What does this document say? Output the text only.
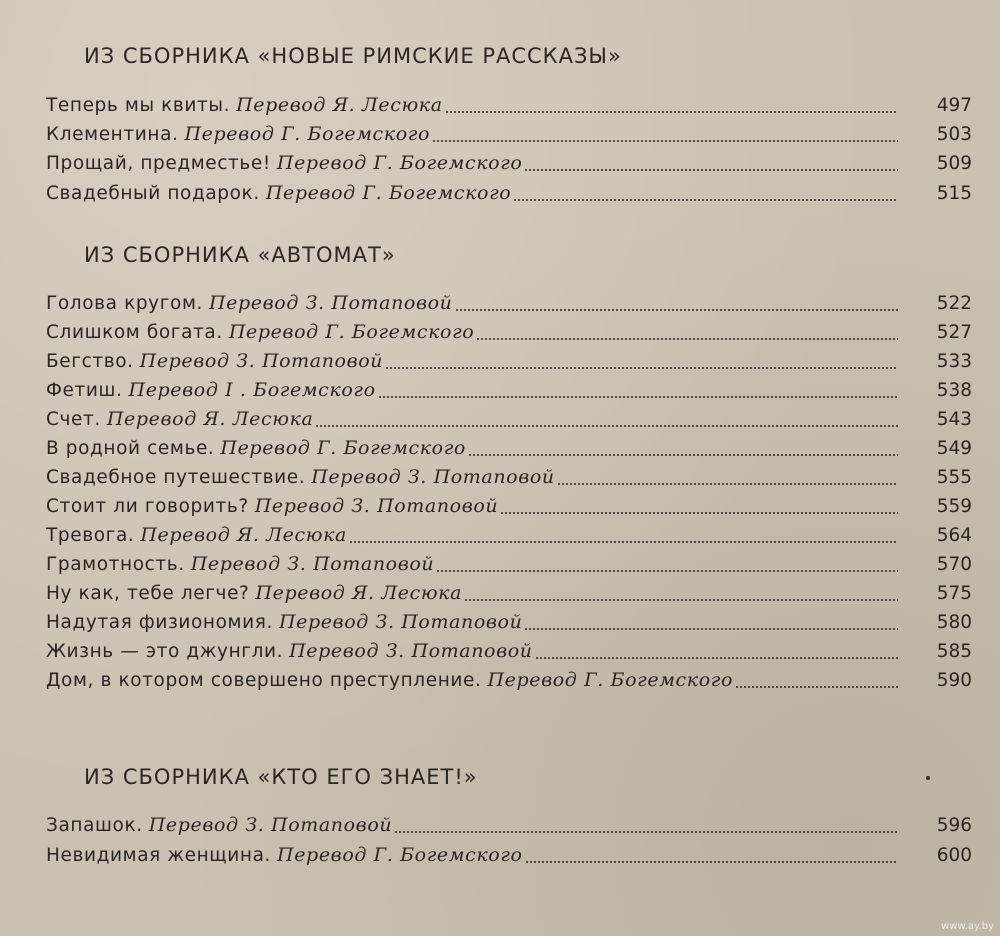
ИЗ СБОРНИКА «НОВЫЕ РИМСКИЕ РАССКАЗЫ»
Теперь мы квиты. Перевод Я. Лесюка	497
Клементина. Перевод Г. Богемского	503
Прощай, предместье! Перевод Г. Богемского	509
Свадебный подарок. Перевод Г. Богемского	515
ИЗ СБОРНИКА «АВТОМАТ»
Голова кругом. Перевод З. Потаповой	522
Слишком богата. Перевод Г. Богемского	527
Бегство. Перевод З. Потаповой	533
Фетиш. Перевод I . Богемского	538
Счет. Перевод Я. Лесюка	543
В родной семье. Перевод Г. Богемского	549
Свадебное путешествие. Перевод З. Потаповой	555
Стоит ли говорить? Перевод З. Потаповой	559
Тревога. Перевод Я. Лесюка	564
Грамотность. Перевод З. Потаповой	570
Ну как, тебе легче? Перевод Я. Лесюка	575
Надутая физиономия. Перевод З. Потаповой	580
Жизнь — это джунгли. Перевод З. Потаповой	585
Дом, в котором совершено преступление. Перевод Г. Богемского	590
ИЗ СБОРНИКА «КТО ЕГО ЗНАЕТ!»
Запашок. Перевод З. Потаповой	596
Невидимая женщина. Перевод Г. Богемского	600
www.ay.by
